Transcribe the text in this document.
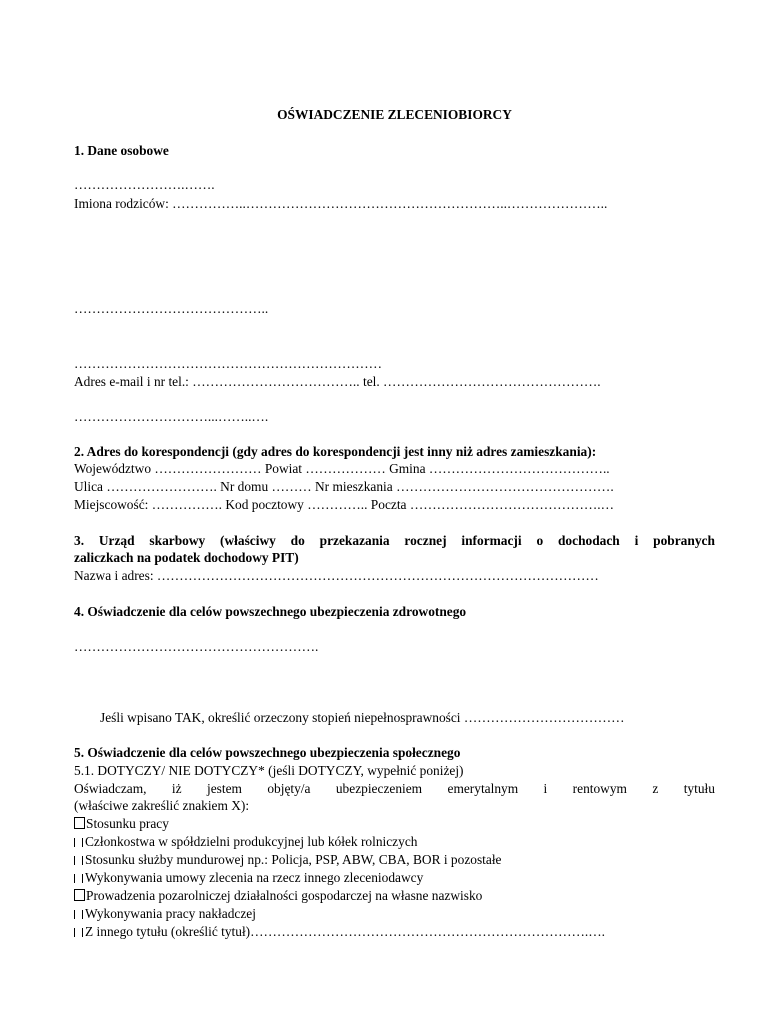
OŚWIADCZENIE ZLECENIOBIORCY
1. Dane osobowe
…………………….…….
Imiona rodziców: ……………..…………………………………………………..…………………..
……………………………………..
……………………………………………………………
Adres e-mail i nr tel.: ……………………………….. tel. ………………………………………….
…………………………...……..….
2. Adres do korespondencji (gdy adres do korespondencji jest inny niż adres zamieszkania):
Województwo …………………… Powiat ……………… Gmina …………………………………..
Ulica ……………………. Nr domu ……… Nr mieszkania ………………………………………….
Miejscowość: ……………. Kod pocztowy ………….. Poczta …………………………………….…
3. Urząd skarbowy (właściwy do przekazania rocznej informacji o dochodach i pobranych
zaliczkach na podatek dochodowy PIT)
Nazwa i adres: ………………………………………………………………………………………
4. Oświadczenie dla celów powszechnego ubezpieczenia zdrowotnego
……………………………………………….
Jeśli wpisano TAK, określić orzeczony stopień niepełnosprawności ………………………………
5. Oświadczenie dla celów powszechnego ubezpieczenia społecznego
5.1. DOTYCZY/ NIE DOTYCZY* (jeśli DOTYCZY, wypełnić poniżej)
Oświadczam, iż jestem objęty/a ubezpieczeniem emerytalnym i rentowym z tytułu
(właściwe zakreślić znakiem X):
Stosunku pracy
Członkostwa w spółdzielni produkcyjnej lub kółek rolniczych
Stosunku służby mundurowej np.: Policja, PSP, ABW, CBA, BOR i pozostałe
Wykonywania umowy zlecenia na rzecz innego zleceniodawcy
Prowadzenia pozarolniczej działalności gospodarczej na własne nazwisko
Wykonywania pracy nakładczej
Z innego tytułu (określić tytuł)………………………………………………………………….….
